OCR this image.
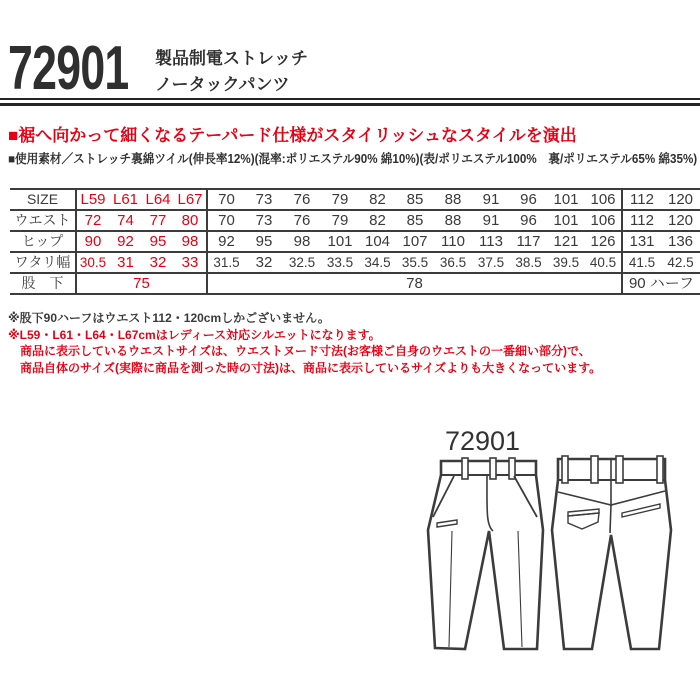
72901 製品制電ストレッチ
ノータックパンツ
■裾へ向かって細くなるテーパード仕様がスタイリッシュなスタイルを演出
■使用素材／ストレッチ裏綿ツイル(伸長率12%)(混率:ポリエステル90% 綿10%)(表/ポリエステル100%　裏/ポリエステル65% 綿35%)
SIZE	L59	L61	L64	L67	70	73	76	79	82	85	88	91	96	101	106	112	120
ウエスト	72	74	77	80	70	73	76	79	82	85	88	91	96	101	106	112	120
ヒップ	90	92	95	98	92	95	98	101	104	107	110	113	117	121	126	131	136
ワタリ幅	30.5	31	32	33	31.5	32	32.5	33.5	34.5	35.5	36.5	37.5	38.5	39.5	40.5	41.5	42.5
股　下	75				78											90 ハーフ	
※股下90ハーフはウエスト112・120cmしかございません。
※L59・L61・L64・L67cmはレディース対応シルエットになります。
商品に表示しているウエストサイズは、ウエストヌード寸法(お客様ご自身のウエストの一番細い部分)で、
商品自体のサイズ(実際に商品を測った時の寸法)は、商品に表示しているサイズよりも大きくなっています。
72901
